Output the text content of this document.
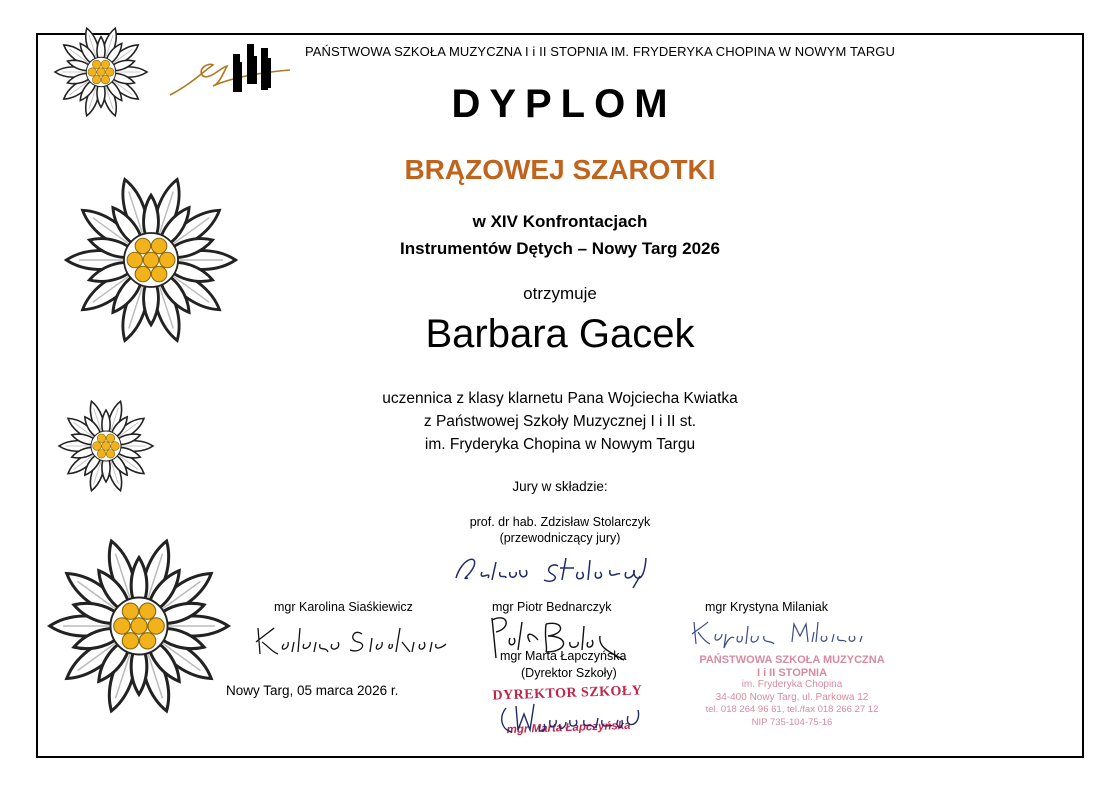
PAŃSTWOWA SZKOŁA MUZYCZNA I i II STOPNIA IM. FRYDERYKA CHOPINA W NOWYM TARGU
DYPLOM
BRĄZOWEJ SZAROTKI
w XIV Konfrontacjach
Instrumentów Dętych – Nowy Targ 2026
otrzymuje
Barbara Gacek
uczennica z klasy klarnetu Pana Wojciecha Kwiatka
z Państwowej Szkoły Muzycznej I i II st.
im. Fryderyka Chopina w Nowym Targu
Jury w składzie:
prof. dr hab. Zdzisław Stolarczyk
(przewodniczący jury)
mgr Karolina Siaśkiewicz	mgr Piotr Bednarczyk	mgr Krystyna Milaniak
mgr Marta Łapczyńska
(Dyrektor Szkoły)
Nowy Targ, 05 marca 2026 r.	DYREKTOR SZKOŁY
mgr Marta Łapczyńska
PAŃSTWOWA SZKOŁA MUZYCZNA
I i II STOPNIA
im. Fryderyka Chopina
34-400 Nowy Targ, ul. Parkowa 12
tel. 018 264 96 61, tel./fax 018 266 27 12
NIP 735-104-75-16
